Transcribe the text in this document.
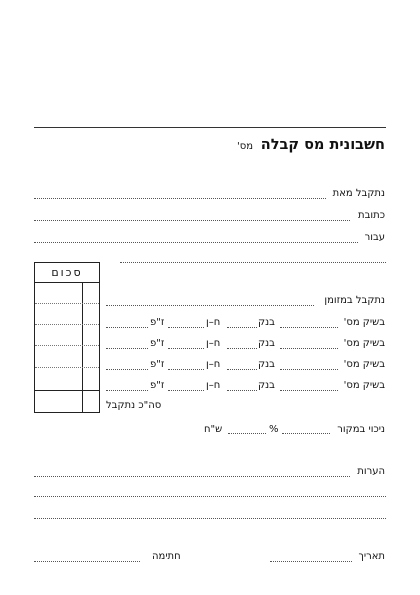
חשבונית מס קבלה
מס'
נתקבל מאת
כתובת
עבור
סכום
נתקבל במזומן
בשיק מס'
בנק
ח–ן
ז"פ
בשיק מס'
בנק
ח–ן
ז"פ
בשיק מס'
בנק
ח–ן
ז"פ
בשיק מס'
בנק
ח–ן
ז"פ
סה"כ נתקבל
ניכוי במקור
%
ש"ח
הערות
תאריך
חתימה
